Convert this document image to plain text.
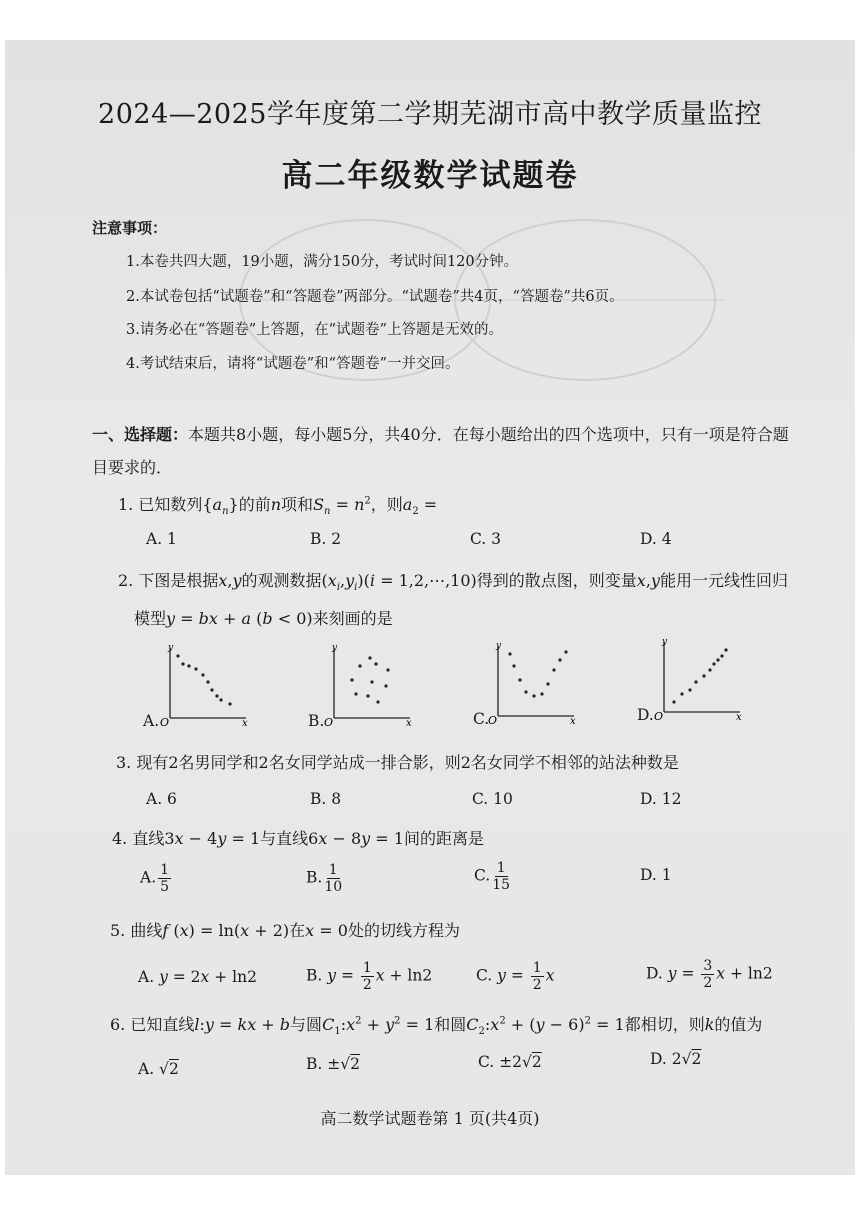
2024—2025学年度第二学期芜湖市高中教学质量监控
高二年级数学试题卷
注意事项：
1.本卷共四大题，19小题，满分150分，考试时间120分钟。
2.本试卷包括“试题卷”和“答题卷”两部分。“试题卷”共4页，“答题卷”共6页。
3.请务必在“答题卷”上答题，在“试题卷”上答题是无效的。
4.考试结束后，请将“试题卷”和“答题卷”一并交回。
一、选择题：本题共8小题，每小题5分，共40分．在每小题给出的四个选项中，只有一项是符合题目要求的．
1. 已知数列$\{a_n\}$的前n项和$S_n = n^2$，则$a_2$ =
A. 1	B. 2	C. 3	D. 4
2. 下图是根据x,y的观测数据$(x_i,y_i)(i$ = 1,2,⋯,10)得到的散点图，则变量x,y能用一元线性回归
模型y = bx + a (b < 0)来刻画的是
A. O	x
y
B. O	x
y
C.
O	x
y
D. O	x
y
3. 现有2名男同学和2名女同学站成一排合影，则2名女同学不相邻的站法种数是
A. 6	B. 8	C. 10	D. 12
4. 直线3x − 4y = 1与直线6x − 8y = 1间的距离是
A. $\frac{1}{5}$	B. $\frac{1}{10}$	C. $\frac{1}{15}$	D. 1
5. 曲线f (x) = ln(x + 2)在x = 0处的切线方程为
A. y = 2x + ln2	B. $y = \frac{1}{2}$ x + ln2	C. $y = \frac{1}{2}$ x	D. $y = \frac{3}{2}$ x + ln2
6. 已知直线l:y = kx + b与圆$C_1:x^2 + y^2 = 1$和圆$C_2:x^2 + (y - 6)^2 = 1$都相切，则k的值为
A. √2	B. ±√2	C. ±2√2	D. 2√2
高二数学试题卷第 1 页(共4页)
